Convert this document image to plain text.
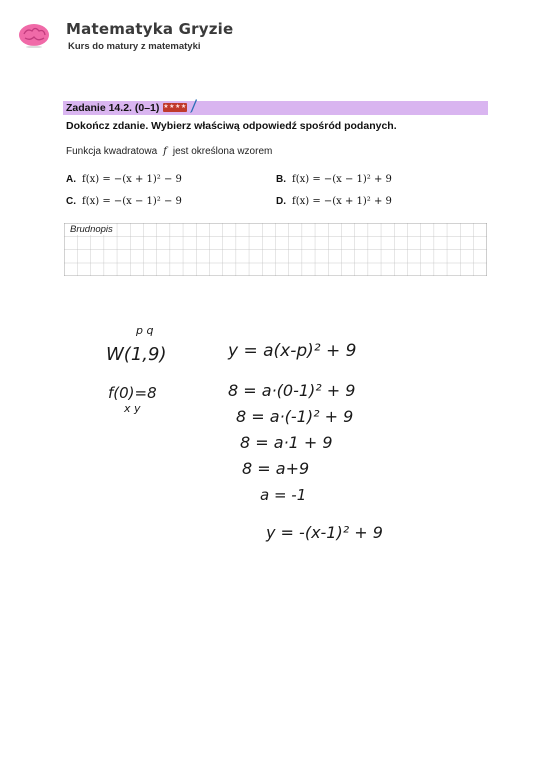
Matematyka Gryzie
Kurs do matury z matematyki
Zadanie 14.2. (0–1) ★★★★
Dokończ zdanie. Wybierz właściwą odpowiedź spośród podanych.
Funkcja kwadratowa f jest określona wzorem
A. f(x) = −(x + 1)² − 9	B. f(x) = −(x − 1)² + 9
C. f(x) = −(x − 1)² − 9	D. f(x) = −(x + 1)² + 9
Brudnopis
p q
W(1,9)
f(0)=8
x y
y = a(x-p)² + 9
8 = a·(0-1)² + 9
8 = a·(-1)² + 9
8 = a·1 + 9
8 = a+9
a = -1
y = -(x-1)² + 9
